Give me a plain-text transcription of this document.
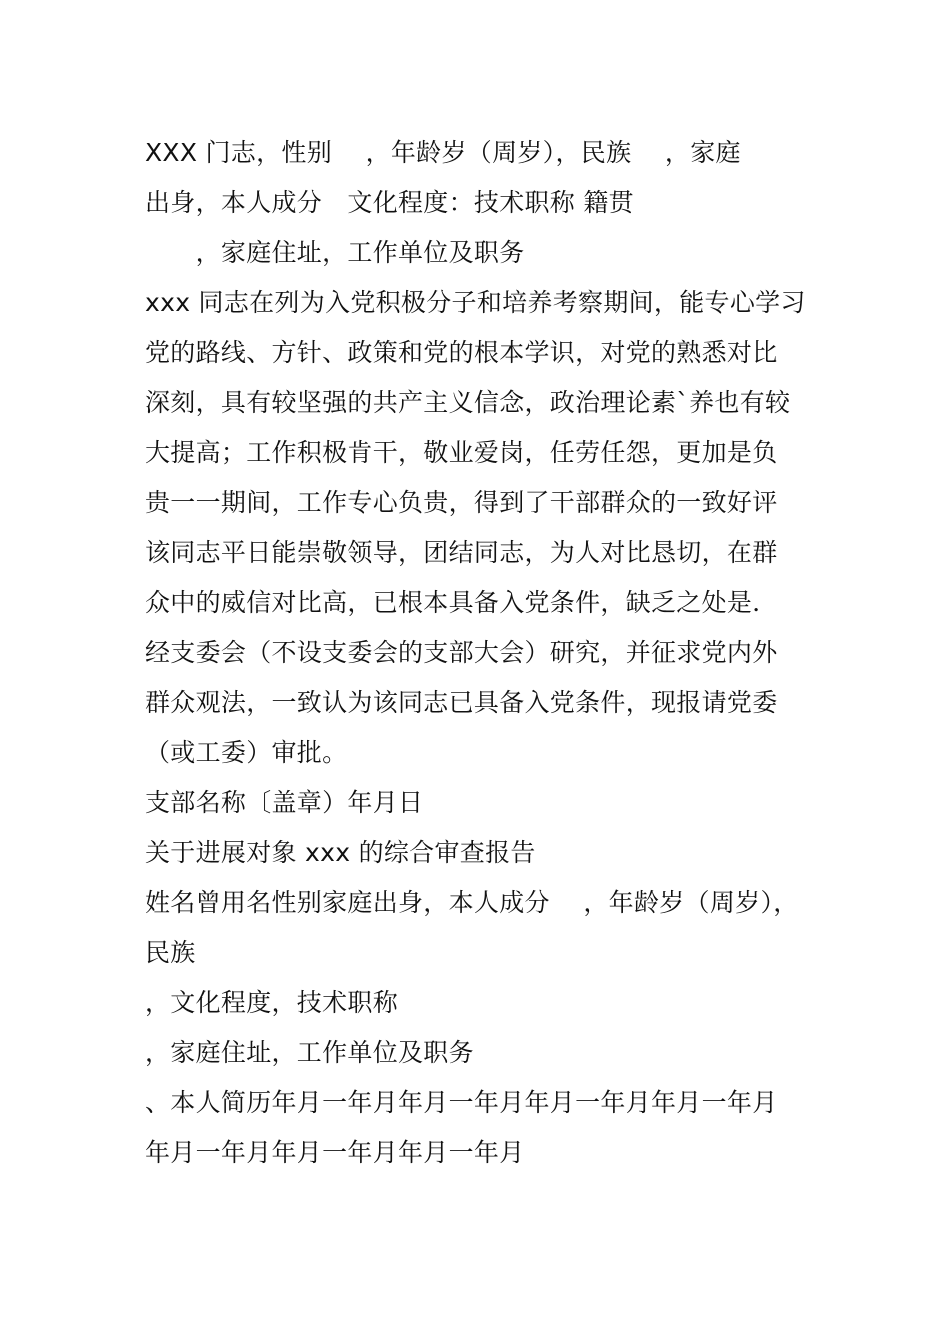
XXX 门志，性别　 ，年龄岁（周岁），民族　 ，家庭
出身，本人成分　文化程度：技术职称 籍贯
　　，家庭住址，工作单位及职务
xxx 同志在列为入党积极分子和培养考察期间，能专心学习
党的路线、方针、政策和党的根本学识，对党的熟悉对比
深刻，具有较坚强的共产主义信念，政治理论素`养也有较
大提高；工作积极肯干，敬业爱岗，任劳任怨，更加是负
贵一一期间，工作专心负贵，得到了干部群众的一致好评
该同志平日能崇敬领导，团结同志，为人对比恳切，在群
众中的威信对比高，已根本具备入党条件，缺乏之处是．
经支委会（不设支委会的支部大会）研究，并征求党内外
群众观法，一致认为该同志已具备入党条件，现报请党委
（或工委）审批。
支部名称〔盖章）年月日
关于进展对象 xxx 的综合审查报告
姓名曾用名性别家庭出身，本人成分　 ，年龄岁（周岁），
民族
，文化程度，技术职称
，家庭住址，工作单位及职务
、本人简历年月一年月年月一年月年月一年月年月一年月
年月一年月年月一年月年月一年月
